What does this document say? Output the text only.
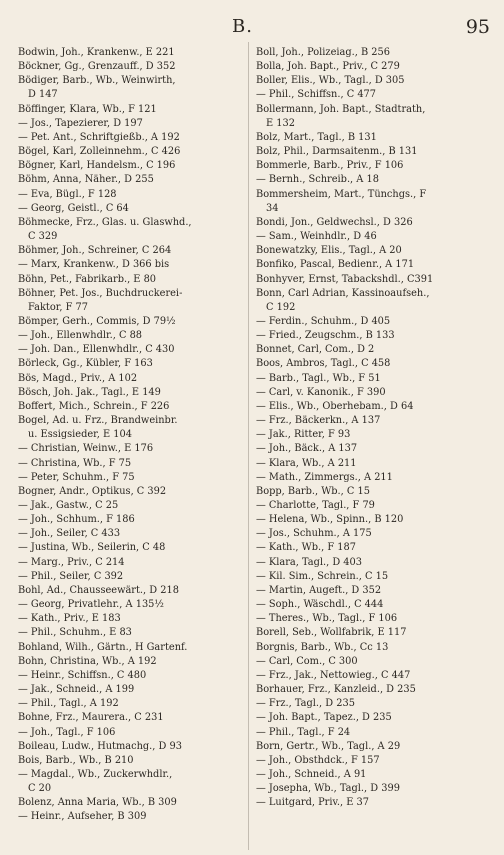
B.	95
Bodwin, Joh., Krankenw., E 221
Böckner, Gg., Grenzauff., D 352
Bödiger, Barb., Wb., Weinwirth,
D 147
Böffinger, Klara, Wb., F 121
— Jos., Tapezierer, D 197
— Pet. Ant., Schriftgießb., A 192
Bögel, Karl, Zolleinnehm., C 426
Bögner, Karl, Handelsm., C 196
Böhm, Anna, Näher., D 255
— Eva, Bügl., F 128
— Georg, Geistl., C 64
Böhmecke, Frz., Glas. u. Glaswhd.,
C 329
Böhmer, Joh., Schreiner, C 264
— Marx, Krankenw., D 366 bis
Böhn, Pet., Fabrikarb., E 80
Böhner, Pet. Jos., Buchdruckerei-
Faktor, F 77
Bömper, Gerh., Commis, D 79½
— Joh., Ellenwhdlr., C 88
— Joh. Dan., Ellenwhdlr., C 430
Börleck, Gg., Kübler, F 163
Bös, Magd., Priv., A 102
Bösch, Joh. Jak., Tagl., E 149
Boffert, Mich., Schrein., F 226
Bogel, Ad. u. Frz., Brandweinbr.
u. Essigsieder, E 104
— Christian, Weinw., E 176
— Christina, Wb., F 75
— Peter, Schuhm., F 75
Bogner, Andr., Optikus, C 392
— Jak., Gastw., C 25
— Joh., Schhum., F 186
— Joh., Seiler, C 433
— Justina, Wb., Seilerin, C 48
— Marg., Priv., C 214
— Phil., Seiler, C 392
Bohl, Ad., Chausseewärt., D 218
— Georg, Privatlehr., A 135½
— Kath., Priv., E 183
— Phil., Schuhm., E 83
Bohland, Wilh., Gärtn., H Gartenf.
Bohn, Christina, Wb., A 192
— Heinr., Schiffsn., C 480
— Jak., Schneid., A 199
— Phil., Tagl., A 192
Bohne, Frz., Maurera., C 231
— Joh., Tagl., F 106
Boileau, Ludw., Hutmachg., D 93
Bois, Barb., Wb., B 210
— Magdal., Wb., Zuckerwhdlr.,
C 20
Bolenz, Anna Maria, Wb., B 309
— Heinr., Aufseher, B 309
Boll, Joh., Polizeiag., B 256
Bolla, Joh. Bapt., Priv., C 279
Boller, Elis., Wb., Tagl., D 305
— Phil., Schiffsn., C 477
Bollermann, Joh. Bapt., Stadtrath,
E 132
Bolz, Mart., Tagl., B 131
Bolz, Phil., Darmsaitenm., B 131
Bommerle, Barb., Priv., F 106
— Bernh., Schreib., A 18
Bommersheim, Mart., Tünchgs., F
34
Bondi, Jon., Geldwechsl., D 326
— Sam., Weinhdlr., D 46
Bonewatzky, Elis., Tagl., A 20
Bonfiko, Pascal, Bedienr., A 171
Bonhyver, Ernst, Tabackshdl., C391
Bonn, Carl Adrian, Kassinoaufseh.,
C 192
— Ferdin., Schuhm., D 405
— Fried., Zeugschm., B 133
Bonnet, Carl, Com., D 2
Boos, Ambros, Tagl., C 458
— Barb., Tagl., Wb., F 51
— Carl, v. Kanonik., F 390
— Elis., Wb., Oberhebam., D 64
— Frz., Bäckerkn., A 137
— Jak., Ritter, F 93
— Joh., Bäck., A 137
— Klara, Wb., A 211
— Math., Zimmergs., A 211
Bopp, Barb., Wb., C 15
— Charlotte, Tagl., F 79
— Helena, Wb., Spinn., B 120
— Jos., Schuhm., A 175
— Kath., Wb., F 187
— Klara, Tagl., D 403
— Kil. Sim., Schrein., C 15
— Martin, Augeft., D 352
— Soph., Wäschdl., C 444
— Theres., Wb., Tagl., F 106
Borell, Seb., Wollfabrik, E 117
Borgnis, Barb., Wb., Cc 13
— Carl, Com., C 300
— Frz., Jak., Nettowieg., C 447
Borhauer, Frz., Kanzleid., D 235
— Frz., Tagl., D 235
— Joh. Bapt., Tapez., D 235
— Phil., Tagl., F 24
Born, Gertr., Wb., Tagl., A 29
— Joh., Obsthdck., F 157
— Joh., Schneid., A 91
— Josepha, Wb., Tagl., D 399
— Luitgard, Priv., E 37
